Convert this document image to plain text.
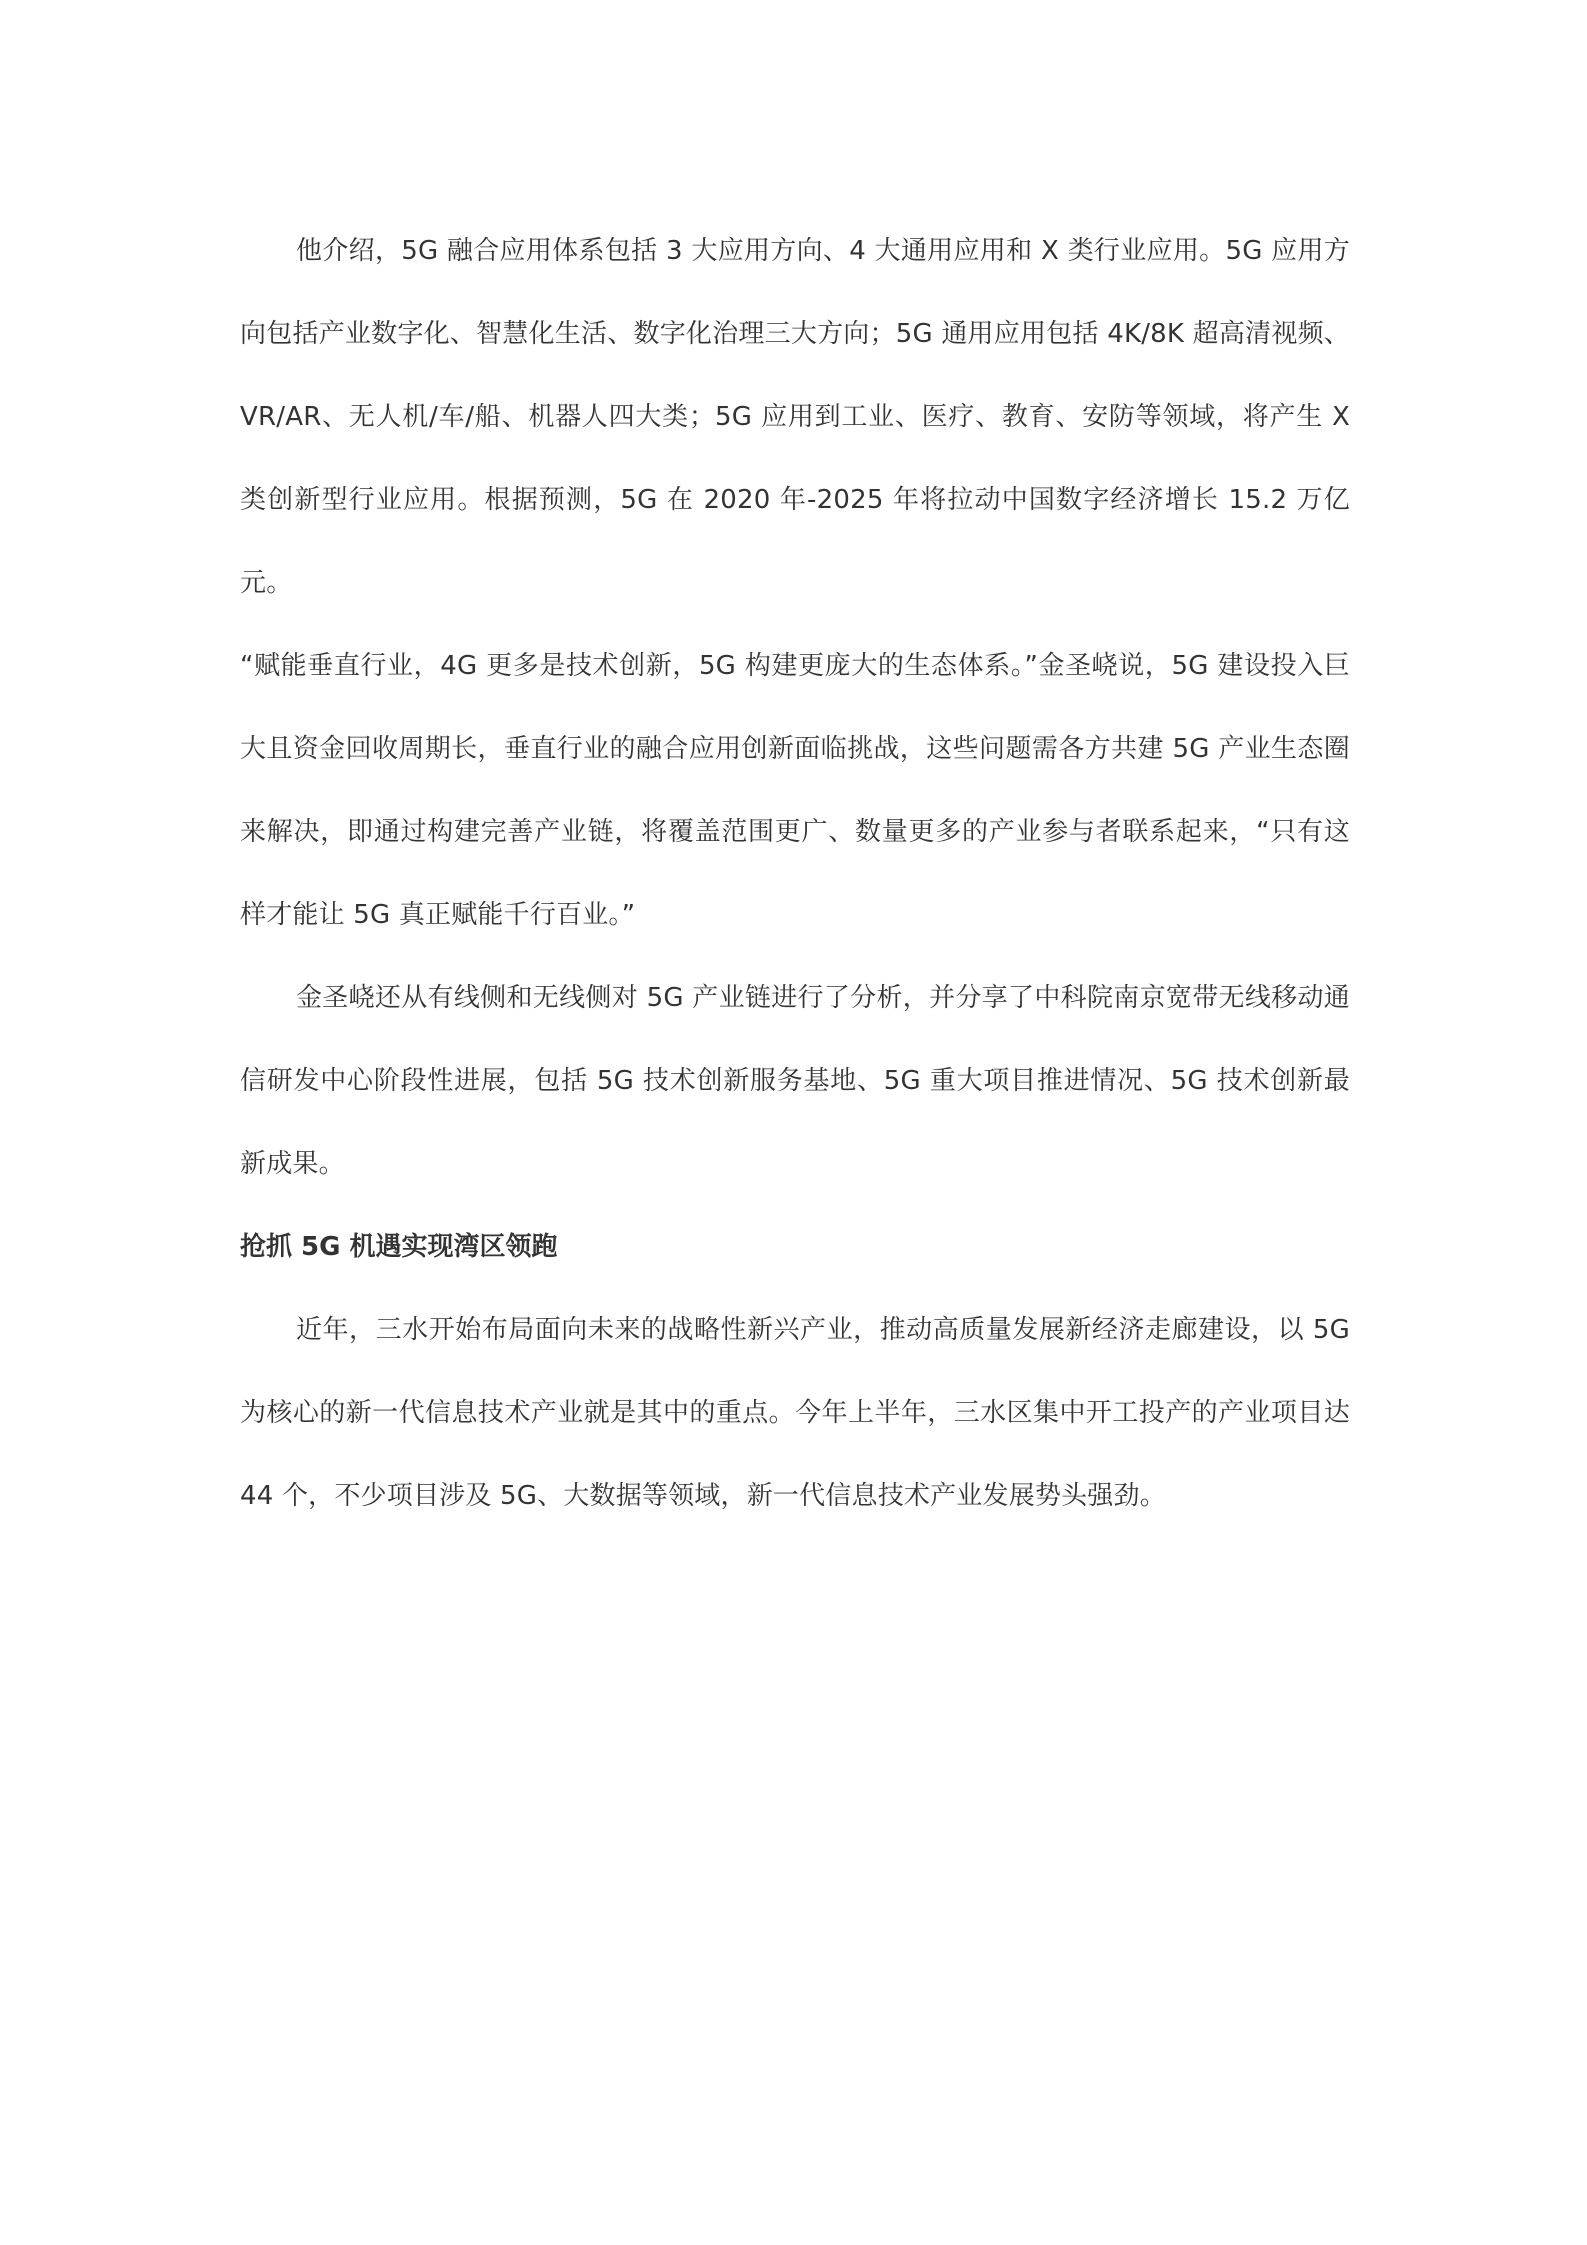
他介绍，5G 融合应用体系包括 3 大应用方向、4 大通用应用和 X 类行业应用。5G 应用方向包括产业数字化、智慧化生活、数字化治理三大方向；5G 通用应用包括 4K/8K 超高清视频、VR/AR、无人机/车/船、机器人四大类；5G 应用到工业、医疗、教育、安防等领域，将产生 X 类创新型行业应用。根据预测，5G 在 2020 年-2025 年将拉动中国数字经济增长 15.2 万亿元。

“赋能垂直行业，4G 更多是技术创新，5G 构建更庞大的生态体系。”金圣峣说，5G 建设投入巨大且资金回收周期长，垂直行业的融合应用创新面临挑战，这些问题需各方共建 5G 产业生态圈来解决，即通过构建完善产业链，将覆盖范围更广、数量更多的产业参与者联系起来，“只有这样才能让 5G 真正赋能千行百业。”

金圣峣还从有线侧和无线侧对 5G 产业链进行了分析，并分享了中科院南京宽带无线移动通信研发中心阶段性进展，包括 5G 技术创新服务基地、5G 重大项目推进情况、5G 技术创新最新成果。

抢抓 5G 机遇实现湾区领跑

近年，三水开始布局面向未来的战略性新兴产业，推动高质量发展新经济走廊建设，以 5G 为核心的新一代信息技术产业就是其中的重点。今年上半年，三水区集中开工投产的产业项目达 44 个，不少项目涉及 5G、大数据等领域，新一代信息技术产业发展势头强劲。
